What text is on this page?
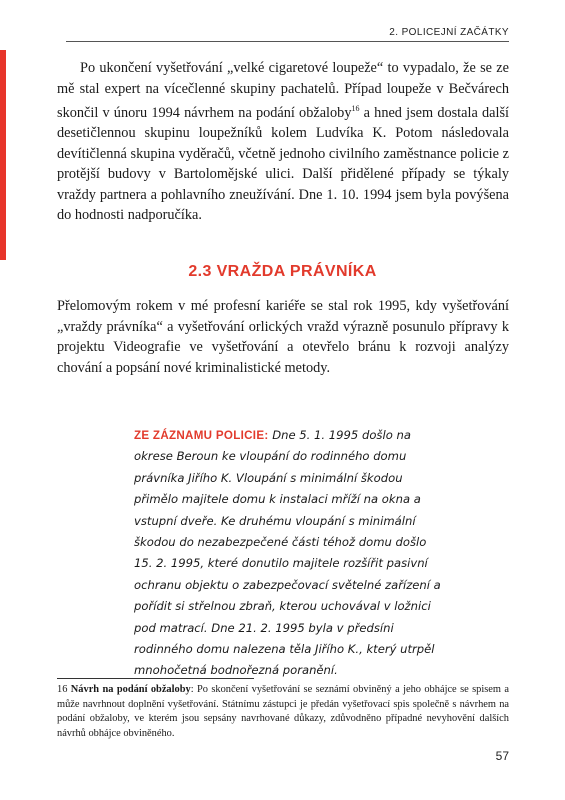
2. POLICEJNÍ ZAČÁTKY

Po ukončení vyšetřování „velké cigaretové loupeže“ to vypadalo, že se ze mě stal expert na vícečlenné skupiny pachatelů. Případ loupeže v Bečvárech skončil v únoru 1994 návrhem na podání obžaloby$^{16}$ a hned jsem dostala další desetičlennou skupinu loupežníků kolem Ludvíka K. Potom následovala devítičlenná skupina vyděračů, včetně jednoho civilního zaměstnance policie z protější budovy v Bartolomějské ulici. Další přidělené případy se týkaly vraždy partnera a pohlavního zneužívání. Dne 1. 10. 1994 jsem byla povýšena do hodnosti nadporučíka.

2.3 VRAŽDA PRÁVNÍKA

Přelomovým rokem v mé profesní kariéře se stal rok 1995, kdy vyšetřování „vraždy právníka“ a vyšetřování orlických vražd výrazně posunulo přípravy k projektu Videografie ve vyšetřování a otevřelo bránu k rozvoji analýzy chování a popsání nové kriminalistické metody.

ZE ZÁZNAMU POLICIE: Dne 5. 1. 1995 došlo na okrese Beroun ke vloupání do rodinného domu právníka Jiřího K. Vloupání s minimální škodou přimělo majitele domu k instalaci mříží na okna a vstupní dveře. Ke druhému vloupání s minimální škodou do nezabezpečené části téhož domu došlo 15. 2. 1995, které donutilo majitele rozšířit pasivní ochranu objektu o zabezpečovací světelné zařízení a pořídit si střelnou zbraň, kterou uchovával v ložnici pod matrací. Dne 21. 2. 1995 byla v předsíni rodinného domu nalezena těla Jiřího K., který utrpěl mnohočetná bodnořezná poranění.

16 Návrh na podání obžaloby: Po skončení vyšetřování se seznámí obviněný a jeho obhájce se spisem a může navrhnout doplnění vyšetřování. Státnímu zástupci je předán vyšetřovací spis společně s návrhem na podání obžaloby, ve kterém jsou sepsány navrhované důkazy, zdůvodněno případné nevyhovění dalších návrhů obhájce obviněného.

57
